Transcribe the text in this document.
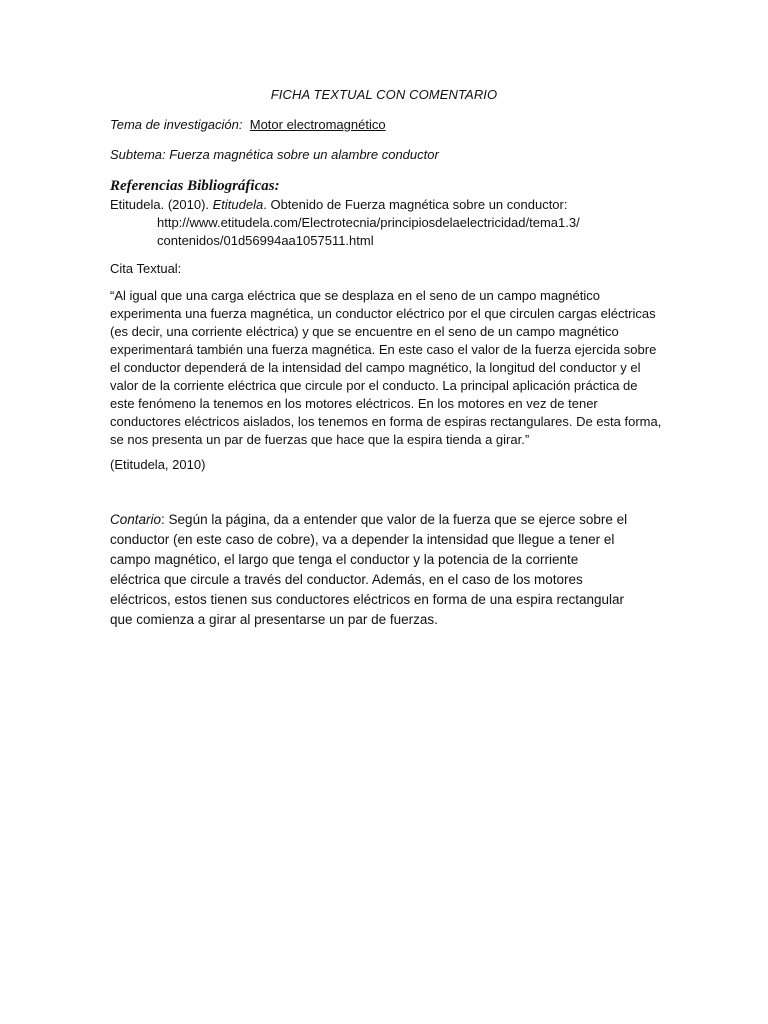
FICHA TEXTUAL CON COMENTARIO
Tema de investigación: Motor electromagnético
Subtema: Fuerza magnética sobre un alambre conductor
Referencias Bibliográficas:
Etitudela. (2010). Etitudela. Obtenido de Fuerza magnética sobre un conductor:
http://www.etitudela.com/Electrotecnia/principiosdelaelectricidad/tema1.3/
contenidos/01d56994aa1057511.html
Cita Textual:
“Al igual que una carga eléctrica que se desplaza en el seno de un campo magnético
experimenta una fuerza magnética, un conductor eléctrico por el que circulen cargas eléctricas
(es decir, una corriente eléctrica) y que se encuentre en el seno de un campo magnético
experimentará también una fuerza magnética. En este caso el valor de la fuerza ejercida sobre
el conductor dependerá de la intensidad del campo magnético, la longitud del conductor y el
valor de la corriente eléctrica que circule por el conducto. La principal aplicación práctica de
este fenómeno la tenemos en los motores eléctricos. En los motores en vez de tener
conductores eléctricos aislados, los tenemos en forma de espiras rectangulares. De esta forma,
se nos presenta un par de fuerzas que hace que la espira tienda a girar.”
(Etitudela, 2010)
Contario: Según la página, da a entender que valor de la fuerza que se ejerce sobre el
conductor (en este caso de cobre), va a depender la intensidad que llegue a tener el
campo magnético, el largo que tenga el conductor y la potencia de la corriente
eléctrica que circule a través del conductor. Además, en el caso de los motores
eléctricos, estos tienen sus conductores eléctricos en forma de una espira rectangular
que comienza a girar al presentarse un par de fuerzas.
